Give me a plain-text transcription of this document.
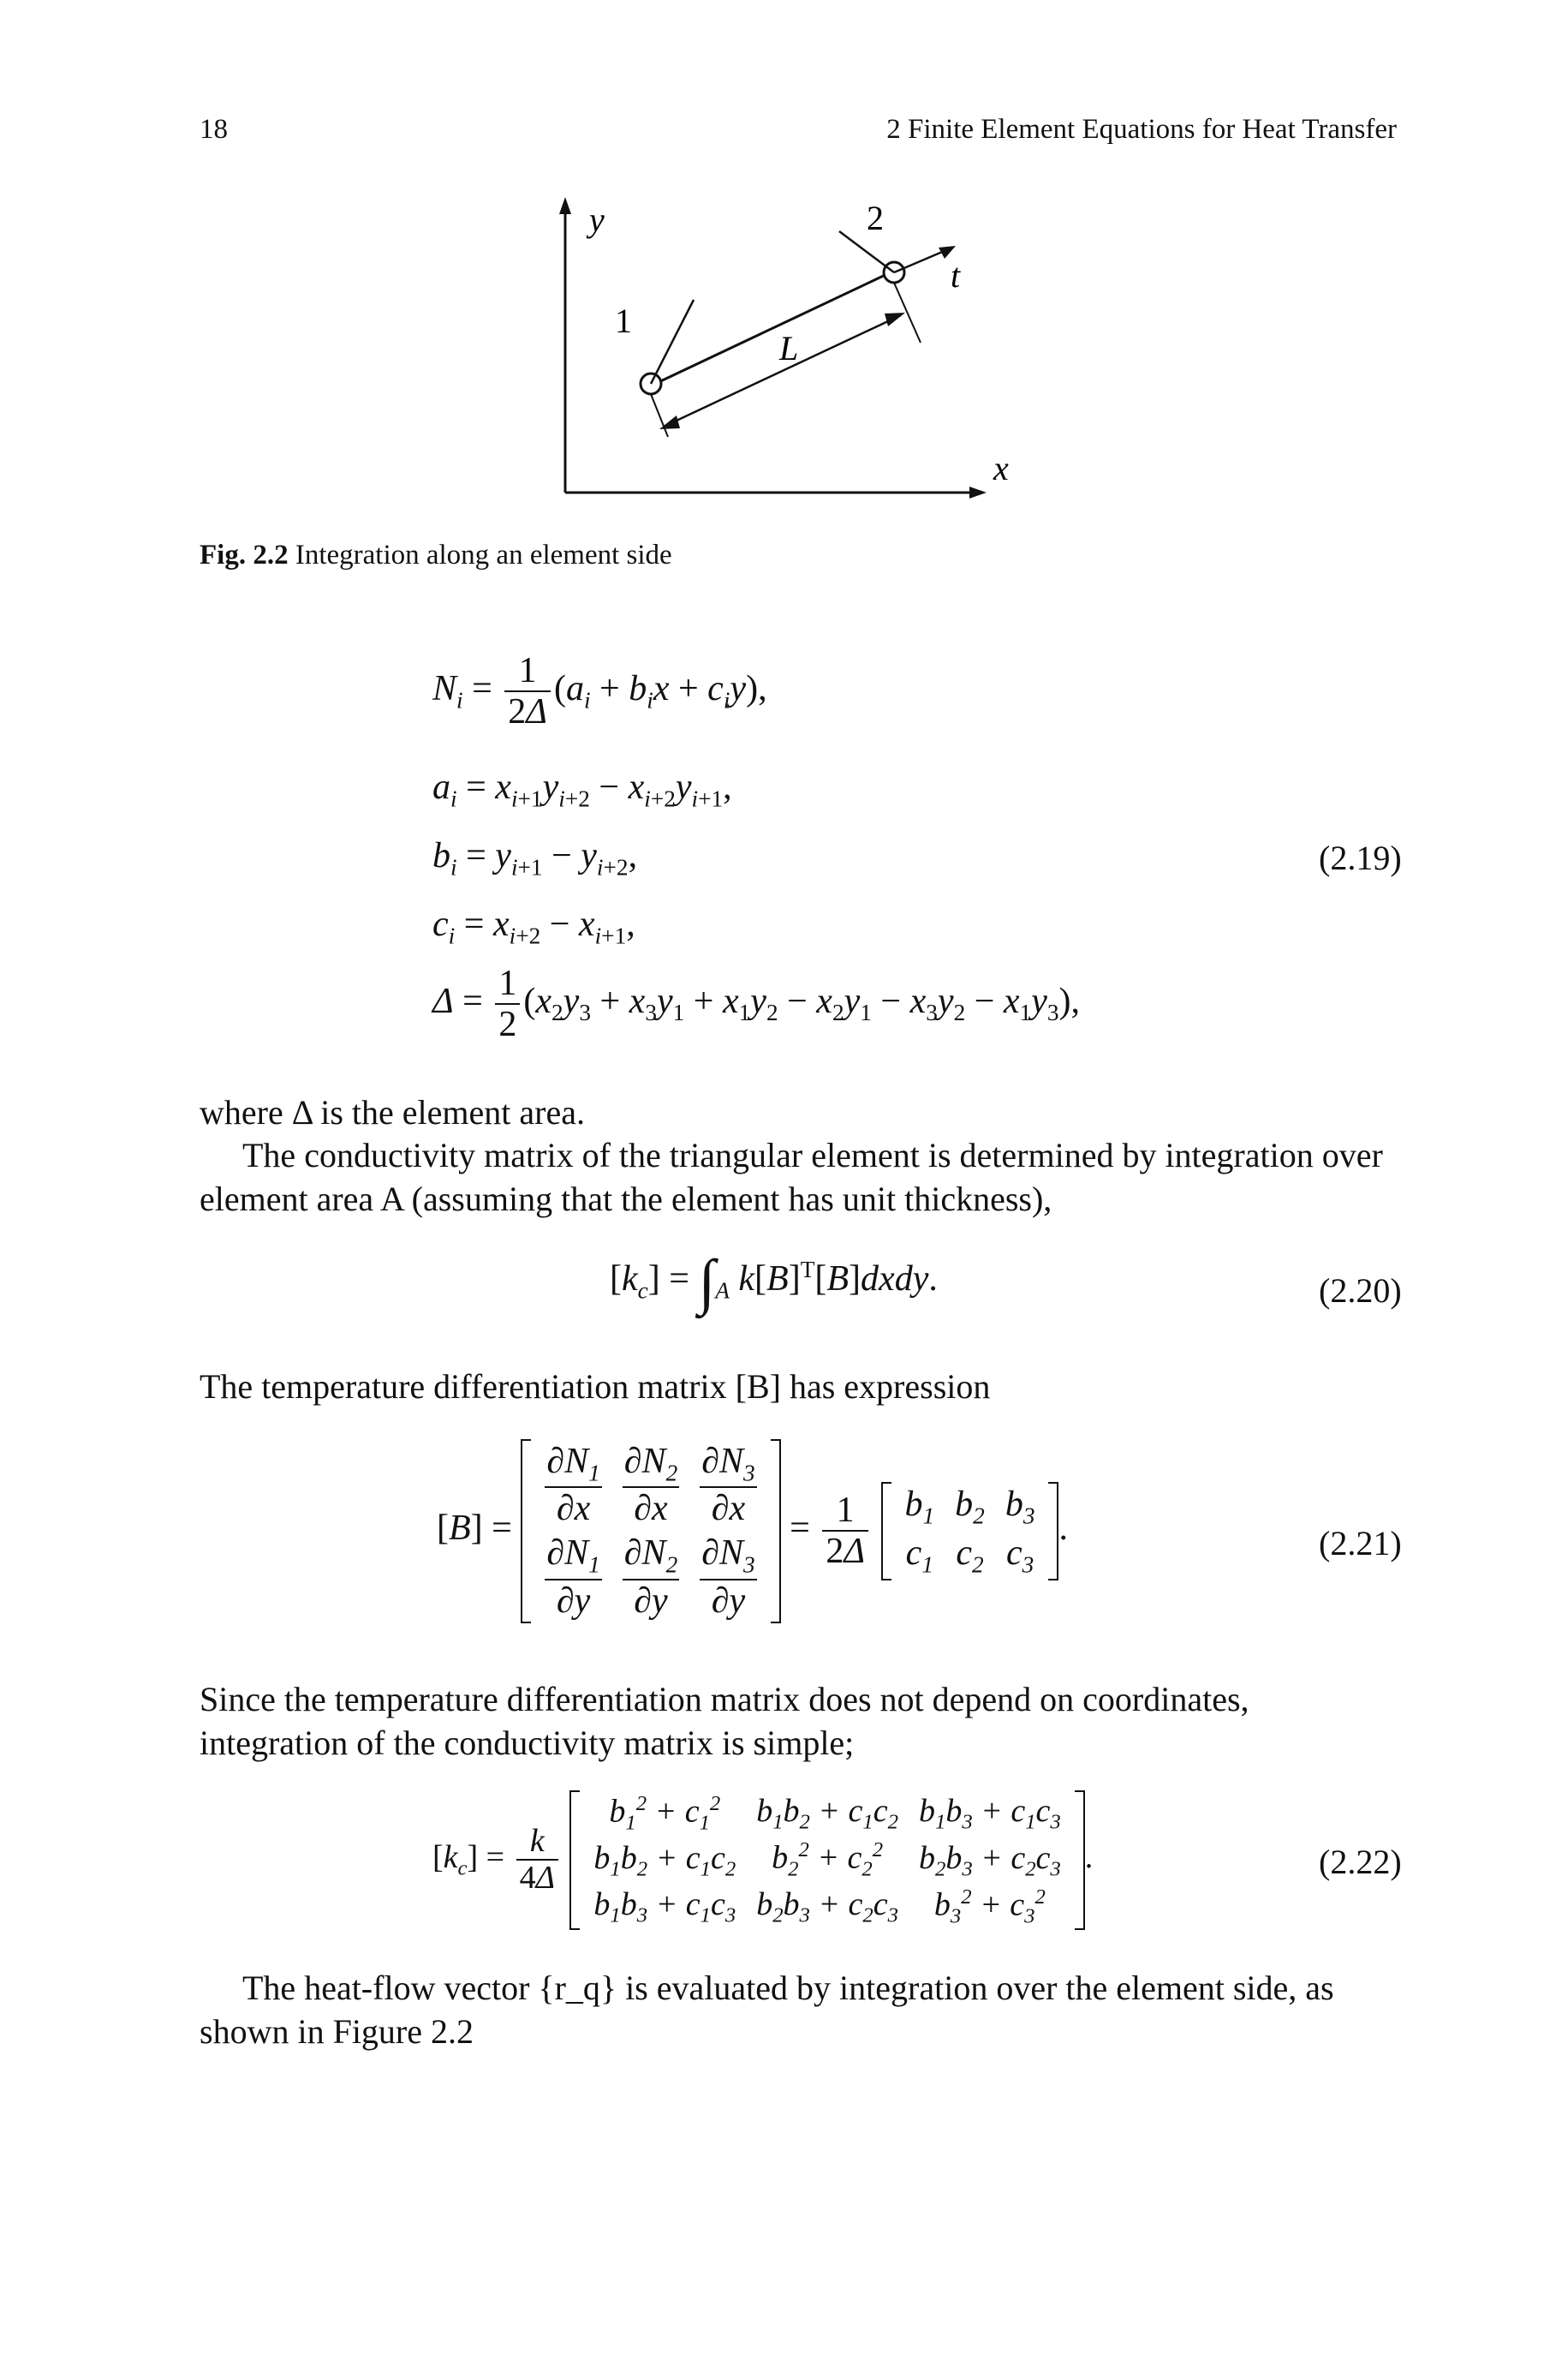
18	2 Finite Element Equations for Heat Transfer
y
x
1
2
t
L
Fig. 2.2 Integration along an element side
$N_i = \frac{1}{2\Delta} (a_i + b_ix + c_iy)$,
$a_i = x_{i+1}y_{i+2} - x_{i+2}y_{i+1}$,
$b_i = y_{i+1} - y_{i+2}$,	(2.19)
$c_i = x_{i+2} - x_{i+1}$,
$\Delta = \frac{1}{2} (x_2y_3 + x_3y_1 + x_1y_2 - x_2y_1 - x_3y_2 - x_1y_3)$,
where Δ is the element area.
The conductivity matrix of the triangular element is determined by integration over element area A (assuming that the element has unit thickness),
$[k_c] = \int_A$ $k[B]^T[B]dxdy$.	(2.20)
The temperature differentiation matrix [B] has expression
$[B] = \frac{\partial N_1}{\partial x}$	$\frac{\partial N_2}{\partial x}$	$\frac{\partial N_3}{\partial x}$

$\frac{\partial N_1}{\partial y}$	$\frac{\partial N_2}{\partial y}$	$\frac{\partial N_3}{\partial y}$
= $\frac{1}{2\Delta}$
$b_1$	$b_2$	$b_3$
$c_1$	$c_2$	$c_3$
.	(2.21)
Since the temperature differentiation matrix does not depend on coordinates, integration of the conductivity matrix is simple;
$[k_c] = \frac{k}{4\Delta}$

$b_1^2 + c_1^2$	$b_1b_2 + c_1c_2$	$b_1b_3 + c_1c_3$
$b_1b_2 + c_1c_2$	$b_2^2 + c_2^2$	$b_2b_3 + c_2c_3$
$b_1b_3 + c_1c_3$	$b_2b_3 + c_2c_3$	$b_3^2 + c_3^2$
.	(2.22)
The heat-flow vector {r_q} is evaluated by integration over the element side, as shown in Figure 2.2
